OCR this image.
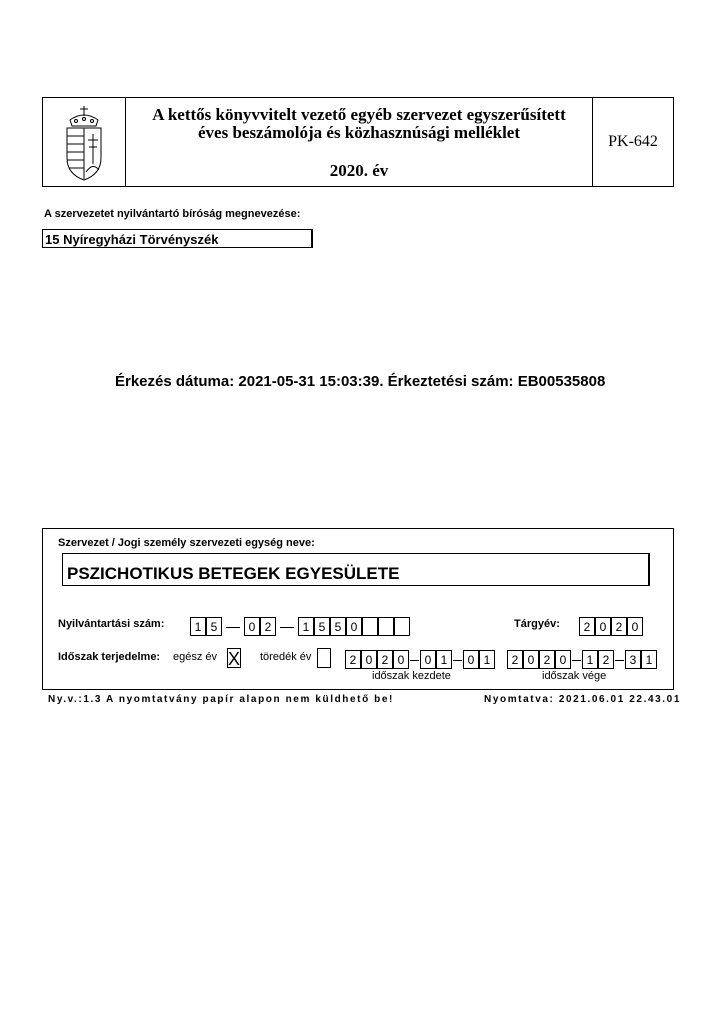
A kettős könyvvitelt vezető egyéb szervezet egyszerűsített
éves beszámolója és közhasznúsági melléklet
2020. év
PK-642
A szervezetet nyilvántartó bíróság megnevezése:
15 Nyíregyházi Törvényszék
Érkezés dátuma: 2021-05-31 15:03:39. Érkeztetési szám: EB00535808
Szervezet / Jogi személy szervezeti egység neve:
PSZICHOTIKUS BETEGEK EGYESÜLETE
Nyilvántartási szám:	1 5	0 2	1 5 5 0	Tárgyév:	2 0 2 0
Időszak terjedelme: egész év X töredék év	2 0 2 0	0 1	0 1
időszak kezdete
2 0 2 0	1 2	3 1
időszak vége
Ny.v.:1.3 A nyomtatvány papír alapon nem küldhető be!	Nyomtatva: 2021.06.01 22.43.01
